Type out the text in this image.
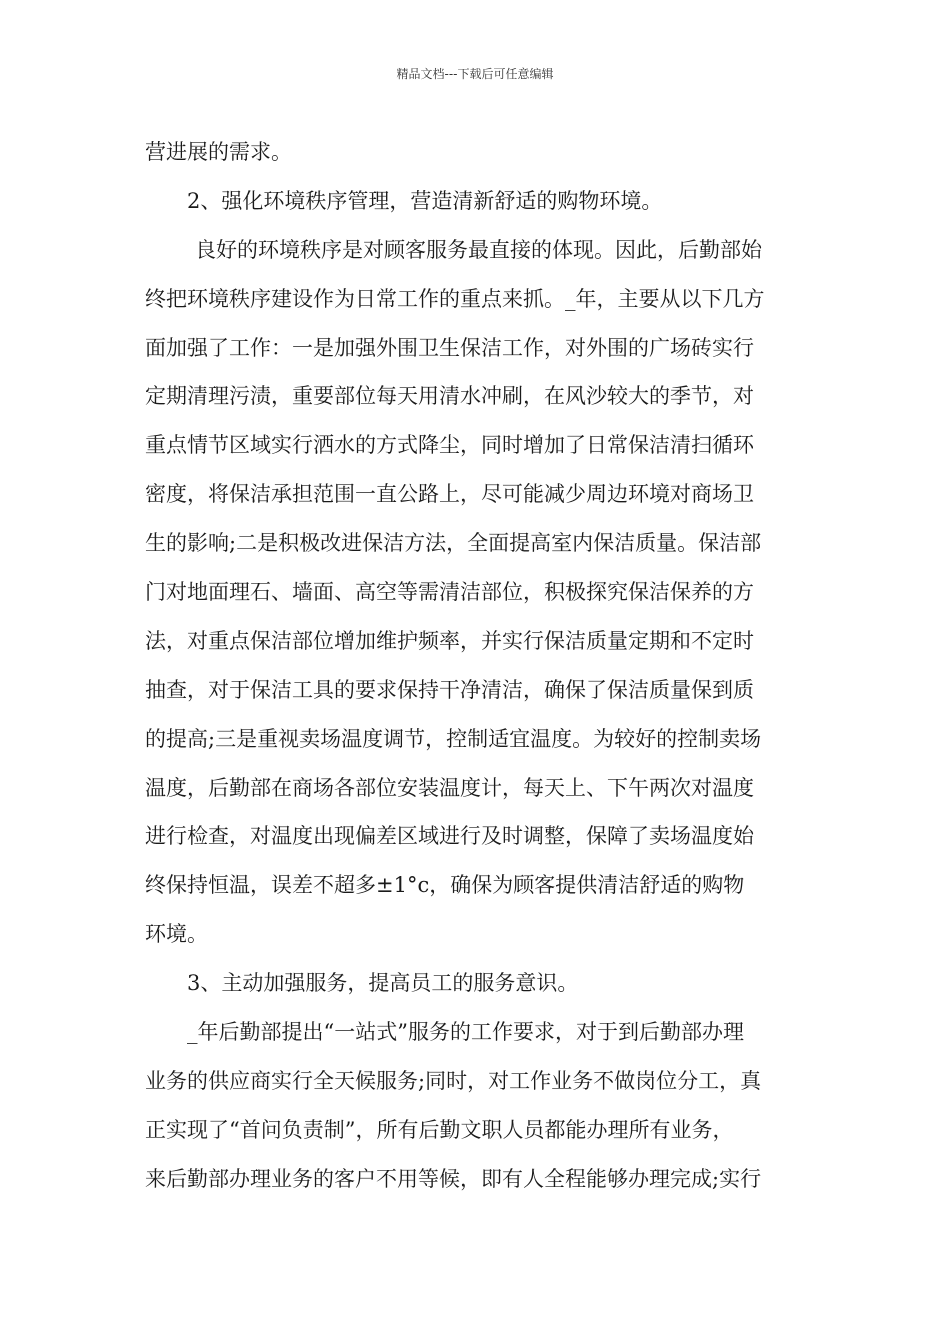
精品文档---下载后可任意编辑
营进展的需求。
2、强化环境秩序管理，营造清新舒适的购物环境。
良好的环境秩序是对顾客服务最直接的体现。因此，后勤部始
终把环境秩序建设作为日常工作的重点来抓。_年，主要从以下几方
面加强了工作：一是加强外围卫生保洁工作，对外围的广场砖实行
定期清理污渍，重要部位每天用清水冲刷，在风沙较大的季节，对
重点情节区域实行洒水的方式降尘，同时增加了日常保洁清扫循环
密度，将保洁承担范围一直公路上，尽可能减少周边环境对商场卫
生的影响;二是积极改进保洁方法，全面提高室内保洁质量。保洁部
门对地面理石、墙面、高空等需清洁部位，积极探究保洁保养的方
法，对重点保洁部位增加维护频率，并实行保洁质量定期和不定时
抽查，对于保洁工具的要求保持干净清洁，确保了保洁质量保到质
的提高;三是重视卖场温度调节，控制适宜温度。为较好的控制卖场
温度，后勤部在商场各部位安装温度计，每天上、下午两次对温度
进行检查，对温度出现偏差区域进行及时调整，保障了卖场温度始
终保持恒温，误差不超多±1°c，确保为顾客提供清洁舒适的购物
环境。
3、主动加强服务，提高员工的服务意识。
_年后勤部提出“一站式”服务的工作要求，对于到后勤部办理
业务的供应商实行全天候服务;同时，对工作业务不做岗位分工，真
正实现了“首问负责制”，所有后勤文职人员都能办理所有业务，
来后勤部办理业务的客户不用等候，即有人全程能够办理完成;实行
